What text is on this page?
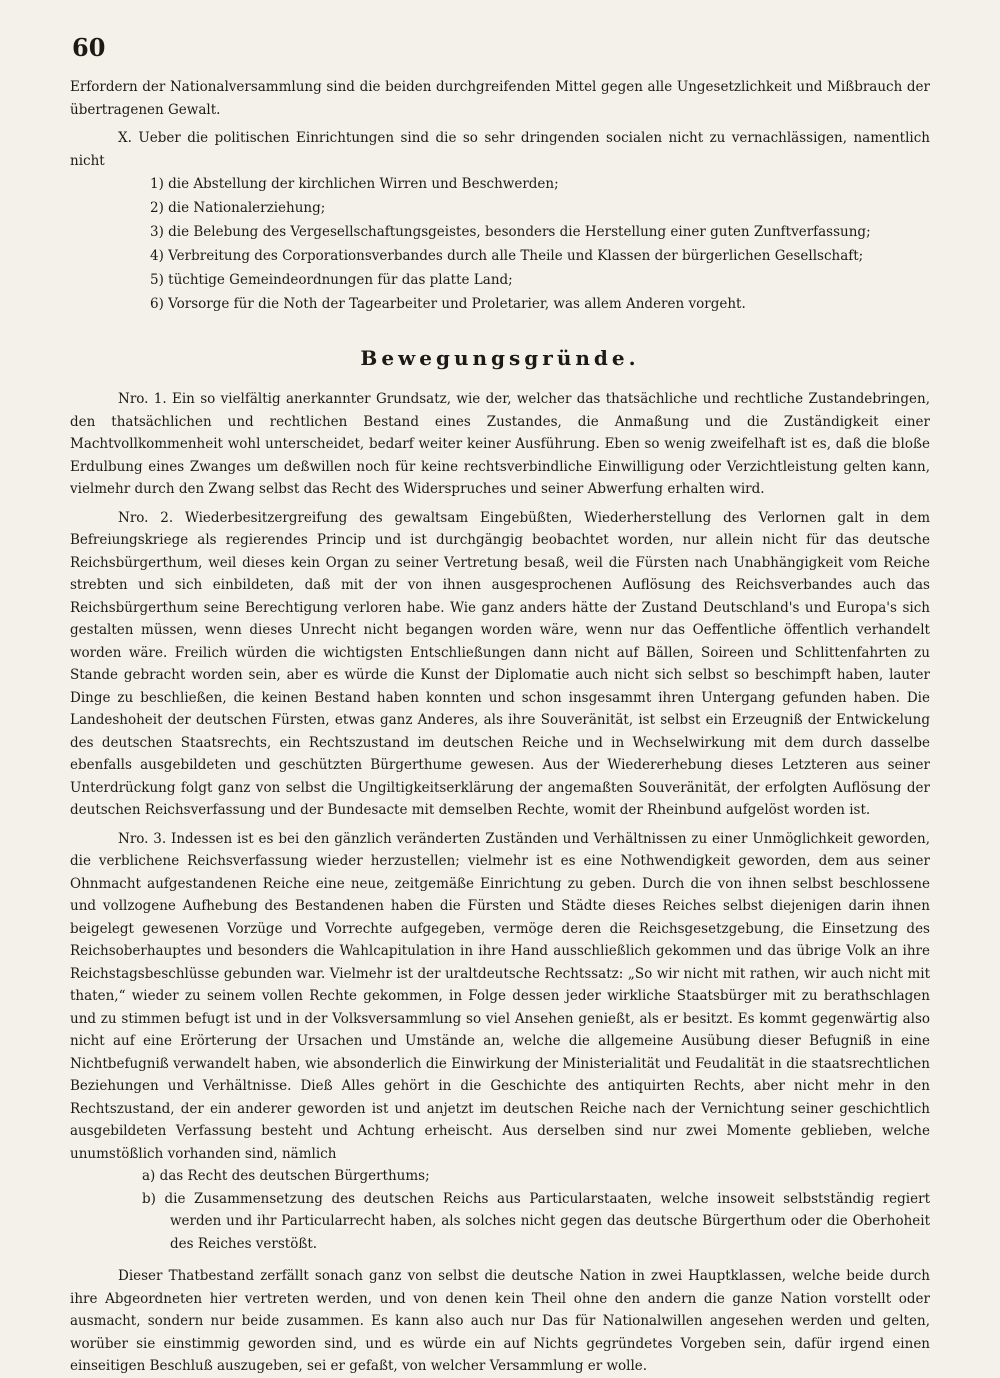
60

Erfordern der Nationalversammlung sind die beiden durchgreifenden Mittel gegen alle Ungesetzlichkeit und Mißbrauch der übertragenen Gewalt.

X. Ueber die politischen Einrichtungen sind die so sehr dringenden socialen nicht zu vernachlässigen, namentlich nicht

1) die Abstellung der kirchlichen Wirren und Beschwerden;
2) die Nationalerziehung;
3) die Belebung des Vergesellschaftungsgeistes, besonders die Herstellung einer guten Zunftverfassung;
4) Verbreitung des Corporationsverbandes durch alle Theile und Klassen der bürgerlichen Gesellschaft;
5) tüchtige Gemeindeordnungen für das platte Land;
6) Vorsorge für die Noth der Tagearbeiter und Proletarier, was allem Anderen vorgeht.
Bewegungsgründe.

Nro. 1. Ein so vielfältig anerkannter Grundsatz, wie der, welcher das thatsächliche und rechtliche Zustandebringen, den thatsächlichen und rechtlichen Bestand eines Zustandes, die Anmaßung und die Zuständigkeit einer Machtvollkommenheit wohl unterscheidet, bedarf weiter keiner Ausführung. Eben so wenig zweifelhaft ist es, daß die bloße Erdulbung eines Zwanges um deßwillen noch für keine rechtsverbindliche Einwilligung oder Verzichtleistung gelten kann, vielmehr durch den Zwang selbst das Recht des Widerspruches und seiner Abwerfung erhalten wird.

Nro. 2. Wiederbesitzergreifung des gewaltsam Eingebüßten, Wiederherstellung des Verlornen galt in dem Befreiungskriege als regierendes Princip und ist durchgängig beobachtet worden, nur allein nicht für das deutsche Reichsbürgerthum, weil dieses kein Organ zu seiner Vertretung besaß, weil die Fürsten nach Unabhängigkeit vom Reiche strebten und sich einbildeten, daß mit der von ihnen ausgesprochenen Auflösung des Reichsverbandes auch das Reichsbürgerthum seine Berechtigung verloren habe. Wie ganz anders hätte der Zustand Deutschland's und Europa's sich gestalten müssen, wenn dieses Unrecht nicht begangen worden wäre, wenn nur das Oeffentliche öffentlich verhandelt worden wäre. Freilich würden die wichtigsten Entschließungen dann nicht auf Bällen, Soireen und Schlittenfahrten zu Stande gebracht worden sein, aber es würde die Kunst der Diplomatie auch nicht sich selbst so beschimpft haben, lauter Dinge zu beschließen, die keinen Bestand haben konnten und schon insgesammt ihren Untergang gefunden haben. Die Landeshoheit der deutschen Fürsten, etwas ganz Anderes, als ihre Souveränität, ist selbst ein Erzeugniß der Entwickelung des deutschen Staatsrechts, ein Rechtszustand im deutschen Reiche und in Wechselwirkung mit dem durch dasselbe ebenfalls ausgebildeten und geschützten Bürgerthume gewesen. Aus der Wiedererhebung dieses Letzteren aus seiner Unterdrückung folgt ganz von selbst die Ungiltigkeitserklärung der angemaßten Souveränität, der erfolgten Auflösung der deutschen Reichsverfassung und der Bundesacte mit demselben Rechte, womit der Rheinbund aufgelöst worden ist.

Nro. 3. Indessen ist es bei den gänzlich veränderten Zuständen und Verhältnissen zu einer Unmöglichkeit geworden, die verblichene Reichsverfassung wieder herzustellen; vielmehr ist es eine Nothwendigkeit geworden, dem aus seiner Ohnmacht aufgestandenen Reiche eine neue, zeitgemäße Einrichtung zu geben. Durch die von ihnen selbst beschlossene und vollzogene Aufhebung des Bestandenen haben die Fürsten und Städte dieses Reiches selbst diejenigen darin ihnen beigelegt gewesenen Vorzüge und Vorrechte aufgegeben, vermöge deren die Reichsgesetzgebung, die Einsetzung des Reichsoberhauptes und besonders die Wahlcapitulation in ihre Hand ausschließlich gekommen und das übrige Volk an ihre Reichstagsbeschlüsse gebunden war. Vielmehr ist der uraltdeutsche Rechtssatz: „So wir nicht mit rathen, wir auch nicht mit thaten,“ wieder zu seinem vollen Rechte gekommen, in Folge dessen jeder wirkliche Staatsbürger mit zu berathschlagen und zu stimmen befugt ist und in der Volksversammlung so viel Ansehen genießt, als er besitzt. Es kommt gegenwärtig also nicht auf eine Erörterung der Ursachen und Umstände an, welche die allgemeine Ausübung dieser Befugniß in eine Nichtbefugniß verwandelt haben, wie absonderlich die Einwirkung der Ministerialität und Feudalität in die staatsrechtlichen Beziehungen und Verhältnisse. Dieß Alles gehört in die Geschichte des antiquirten Rechts, aber nicht mehr in den Rechtszustand, der ein anderer geworden ist und anjetzt im deutschen Reiche nach der Vernichtung seiner geschichtlich ausgebildeten Verfassung besteht und Achtung erheischt. Aus derselben sind nur zwei Momente geblieben, welche unumstößlich vorhanden sind, nämlich

a) das Recht des deutschen Bürgerthums;
b) die Zusammensetzung des deutschen Reichs aus Particularstaaten, welche insoweit selbstständig regiert werden und ihr Particularrecht haben, als solches nicht gegen das deutsche Bürgerthum oder die Oberhoheit des Reiches verstößt.

Dieser Thatbestand zerfällt sonach ganz von selbst die deutsche Nation in zwei Hauptklassen, welche beide durch ihre Abgeordneten hier vertreten werden, und von denen kein Theil ohne den andern die ganze Nation vorstellt oder ausmacht, sondern nur beide zusammen. Es kann also auch nur Das für Nationalwillen angesehen werden und gelten, worüber sie einstimmig geworden sind, und es würde ein auf Nichts gegründetes Vorgeben sein, dafür irgend einen einseitigen Beschluß auszugeben, sei er gefaßt, von welcher Versammlung er wolle.
